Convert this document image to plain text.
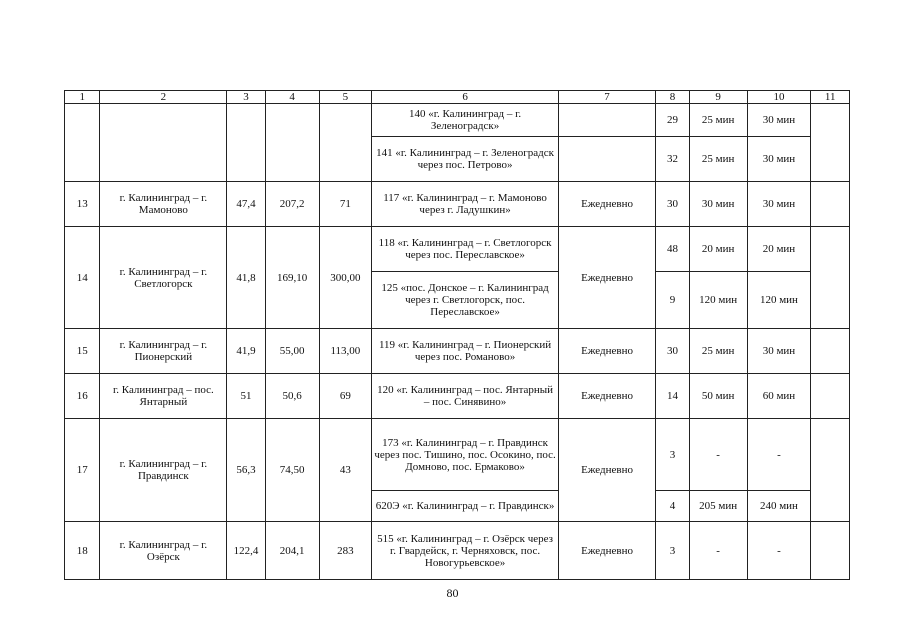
1	2	3	4	5	6	7	8	9	10	11
					140 «г. Калининград – г. Зеленоградск»		29	25 мин	30 мин	
					141 «г. Калининград – г. Зеленоградск через пос. Петрово»		32	25 мин	30 мин	
13	г. Калининград – г. Мамоново	47,4	207,2	71	117 «г. Калининград – г. Мамоново через г. Ладушкин»	Ежедневно	30	30 мин	30 мин	
14	г. Калининград – г. Светлогорск	41,8	169,10	300,00	118 «г. Калининград – г. Светлогорск через пос. Переславское»	Ежедневно	48	20 мин	20 мин	
					125 «пос. Донское – г. Калининград через г. Светлогорск, пос. Переславское»		9	120 мин	120 мин	
15	г. Калининград – г. Пионерский	41,9	55,00	113,00	119 «г. Калининград – г. Пионерский через пос. Романово»	Ежедневно	30	25 мин	30 мин	
16	г. Калининград – пос. Янтарный	51	50,6	69	120 «г. Калининград – пос. Янтарный – пос. Синявино»	Ежедневно	14	50 мин	60 мин	
17	г. Калининград – г. Правдинск	56,3	74,50	43	173 «г. Калининград – г. Правдинск через пос. Тишино, пос. Осокино, пос. Домново, пос. Ермаково»	Ежедневно	3	-	-	
					620Э «г. Калининград – г. Правдинск»		4	205 мин	240 мин	
18	г. Калининград – г. Озёрск	122,4	204,1	283	515 «г. Калининград – г. Озёрск через г. Гвардейск, г. Черняховск, пос. Новогурьевское»	Ежедневно	3	-	-	
80
